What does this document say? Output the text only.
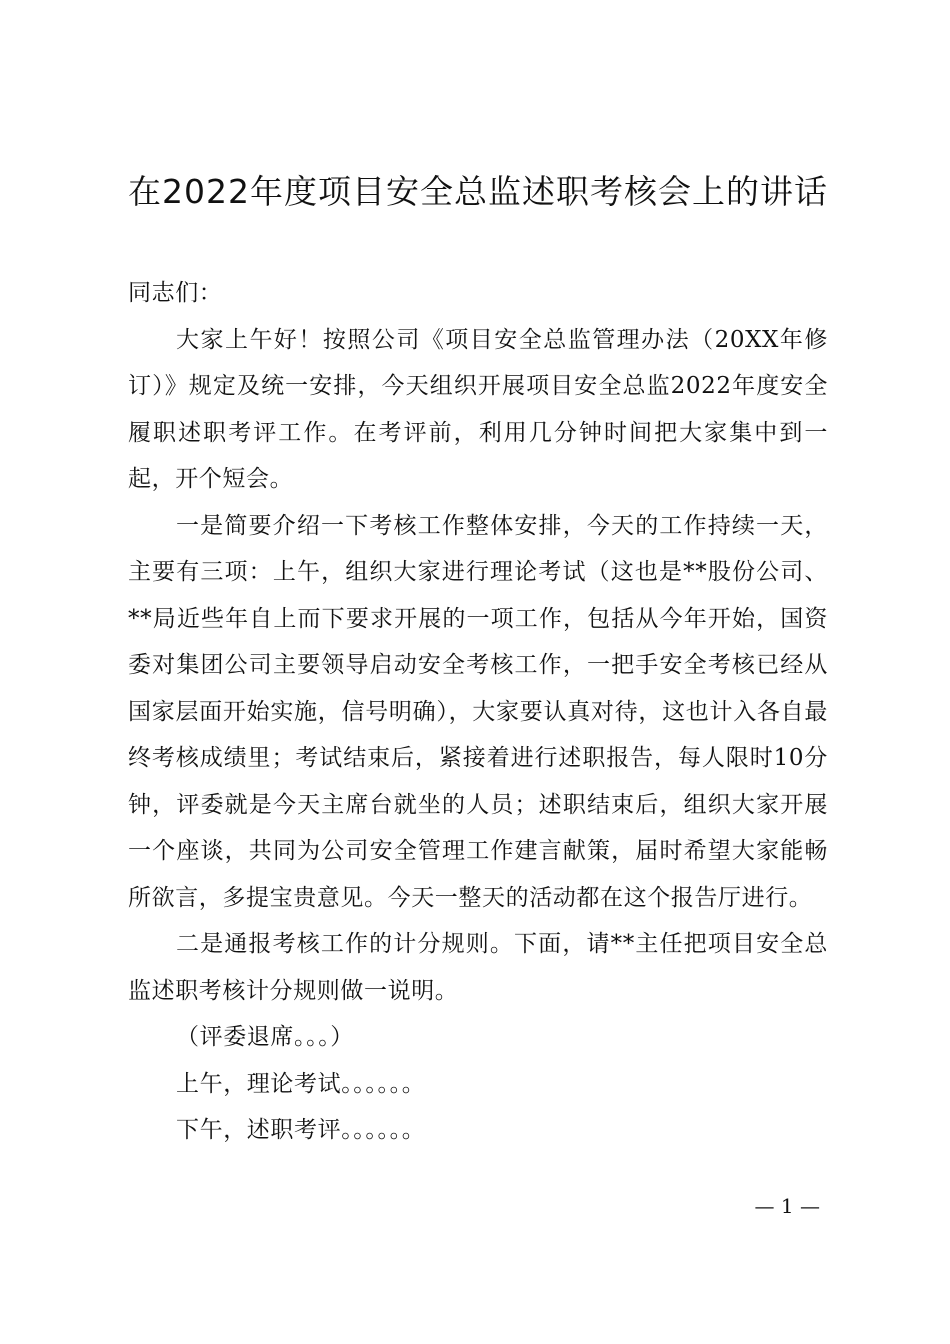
在2022年度项目安全总监述职考核会上的讲话

同志们：

大家上午好！按照公司《项目安全总监管理办法（20XX年修订）》规定及统一安排，今天组织开展项目安全总监2022年度安全履职述职考评工作。在考评前，利用几分钟时间把大家集中到一起，开个短会。

一是简要介绍一下考核工作整体安排，今天的工作持续一天，主要有三项：上午，组织大家进行理论考试（这也是**股份公司、**局近些年自上而下要求开展的一项工作，包括从今年开始，国资委对集团公司主要领导启动安全考核工作，一把手安全考核已经从国家层面开始实施，信号明确），大家要认真对待，这也计入各自最终考核成绩里；考试结束后，紧接着进行述职报告，每人限时10分钟，评委就是今天主席台就坐的人员；述职结束后，组织大家开展一个座谈，共同为公司安全管理工作建言献策，届时希望大家能畅所欲言，多提宝贵意见。今天一整天的活动都在这个报告厅进行。

二是通报考核工作的计分规则。下面，请**主任把项目安全总监述职考核计分规则做一说明。

（评委退席。。。）

上午，理论考试。。。。。。

下午，述职考评。。。。。。

— 1 —
